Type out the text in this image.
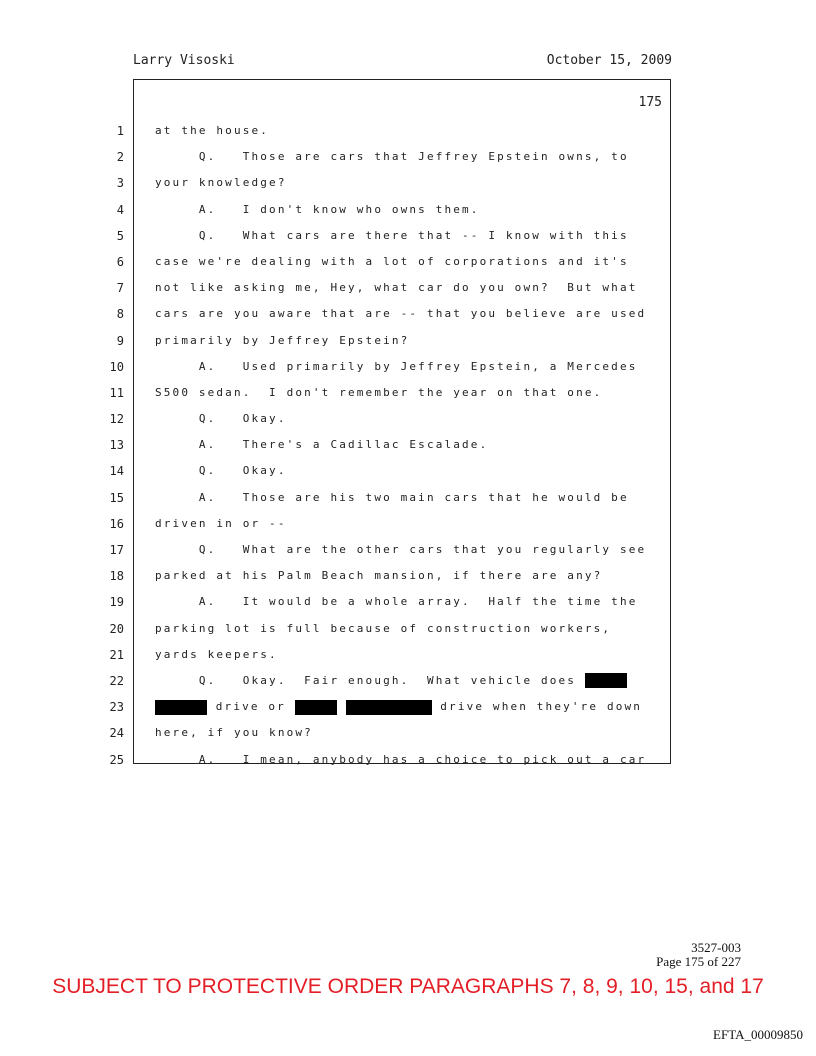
Larry Visoski	October 15, 2009
175
1
2
3
4
5
6
7
8
9
10
11
12
13
14
15
16
17
18
19
20
21
22
23
24
25
at the house.
Q.   Those are cars that Jeffrey Epstein owns, to
your knowledge?
A.   I don't know who owns them.
Q.   What cars are there that -- I know with this
case we're dealing with a lot of corporations and it's
not like asking me, Hey, what car do you own?  But what
cars are you aware that are -- that you believe are used
primarily by Jeffrey Epstein?
A.   Used primarily by Jeffrey Epstein, a Mercedes
S500 sedan.  I don't remember the year on that one.
Q.   Okay.
A.   There's a Cadillac Escalade.
Q.   Okay.
A.   Those are his two main cars that he would be
driven in or --
Q.   What are the other cars that you regularly see
parked at his Palm Beach mansion, if there are any?
A.   It would be a whole array.  Half the time the
parking lot is full because of construction workers,
yards keepers.
Q.   Okay.  Fair enough.  What vehicle does
drive or	drive when they're down
here, if you know?
A.   I mean, anybody has a choice to pick out a car
3527-003
Page 175 of 227
SUBJECT TO PROTECTIVE ORDER PARAGRAPHS 7, 8, 9, 10, 15, and 17
EFTA_00009850
